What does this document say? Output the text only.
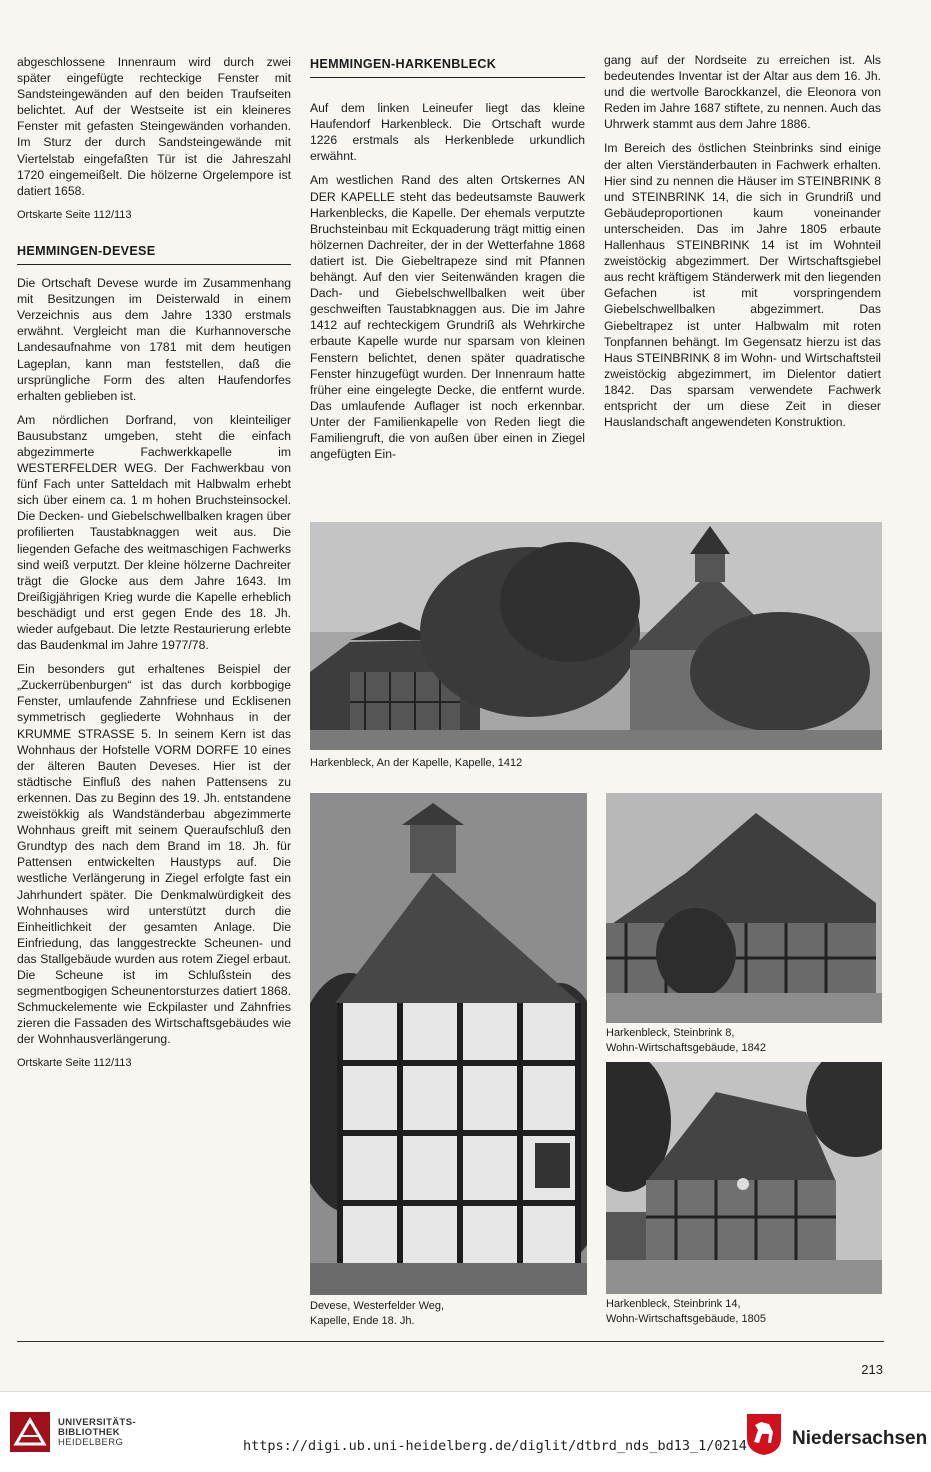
abgeschlossene Innenraum wird durch zwei später eingefügte rechteckige Fenster mit Sandsteingewänden auf den beiden Traufseiten belichtet. Auf der Westseite ist ein kleineres Fenster mit gefasten Steingewänden vorhanden. Im Sturz der durch Sandsteingewände mit Viertelstab eingefaßten Tür ist die Jahreszahl 1720 eingemeißelt. Die hölzerne Orgelempore ist datiert 1658.

Ortskarte Seite 112/113

HEMMINGEN-DEVESE

Die Ortschaft Devese wurde im Zusammenhang mit Besitzungen im Deisterwald in einem Verzeichnis aus dem Jahre 1330 erstmals erwähnt. Vergleicht man die Kurhannoversche Landesaufnahme von 1781 mit dem heutigen Lageplan, kann man feststellen, daß die ursprüngliche Form des alten Haufendorfes erhalten geblieben ist.

Am nördlichen Dorfrand, von kleinteiliger Bausubstanz umgeben, steht die einfach abgezimmerte Fachwerkkapelle im WESTERFELDER WEG. Der Fachwerkbau von fünf Fach unter Satteldach mit Halbwalm erhebt sich über einem ca. 1 m hohen Bruchsteinsockel. Die Decken- und Giebelschwellbalken kragen über profilierten Taustabknaggen weit aus. Die liegenden Gefache des weitmaschigen Fachwerks sind weiß verputzt. Der kleine hölzerne Dachreiter trägt die Glocke aus dem Jahre 1643. Im Dreißigjährigen Krieg wurde die Kapelle erheblich beschädigt und erst gegen Ende des 18. Jh. wieder aufgebaut. Die letzte Restaurierung erlebte das Baudenkmal im Jahre 1977/78.

Ein besonders gut erhaltenes Beispiel der „Zuckerrübenburgen“ ist das durch korbbogige Fenster, umlaufende Zahnfriese und Ecklisenen symmetrisch gegliederte Wohnhaus in der KRUMME STRASSE 5. In seinem Kern ist das Wohnhaus der Hofstelle VORM DORFE 10 eines der älteren Bauten Deveses. Hier ist der städtische Einfluß des nahen Pattensens zu erkennen. Das zu Beginn des 19. Jh. entstandene zweistökkig als Wandständerbau abgezimmerte Wohnhaus greift mit seinem Queraufschluß den Grundtyp des nach dem Brand im 18. Jh. für Pattensen entwickelten Haustyps auf. Die westliche Verlängerung in Ziegel erfolgte fast ein Jahrhundert später. Die Denkmalwürdigkeit des Wohnhauses wird unterstützt durch die Einheitlichkeit der gesamten Anlage. Die Einfriedung, das langgestreckte Scheunen- und das Stallgebäude wurden aus rotem Ziegel erbaut. Die Scheune ist im Schlußstein des segmentbogigen Scheunentorsturzes datiert 1868. Schmuckelemente wie Eckpilaster und Zahnfries zieren die Fassaden des Wirtschaftsgebäudes wie der Wohnhausverlängerung.

Ortskarte Seite 112/113

HEMMINGEN-HARKENBLECK

Auf dem linken Leineufer liegt das kleine Haufendorf Harkenbleck. Die Ortschaft wurde 1226 erstmals als Herkenblede urkundlich erwähnt.

Am westlichen Rand des alten Ortskernes AN DER KAPELLE steht das bedeutsamste Bauwerk Harkenblecks, die Kapelle. Der ehemals verputzte Bruchsteinbau mit Eckquaderung trägt mittig einen hölzernen Dachreiter, der in der Wetterfahne 1868 datiert ist. Die Giebeltrapeze sind mit Pfannen behängt. Auf den vier Seitenwänden kragen die Dach- und Giebelschwellbalken weit über geschweiften Taustabknaggen aus. Die im Jahre 1412 auf rechteckigem Grundriß als Wehrkirche erbaute Kapelle wurde nur sparsam von kleinen Fenstern belichtet, denen später quadratische Fenster hinzugefügt wurden. Der Innenraum hatte früher eine eingelegte Decke, die entfernt wurde. Das umlaufende Auflager ist noch erkennbar. Unter der Familienkapelle von Reden liegt die Familiengruft, die von außen über einen in Ziegel angefügten Ein-

gang auf der Nordseite zu erreichen ist. Als bedeutendes Inventar ist der Altar aus dem 16. Jh. und die wertvolle Barockkanzel, die Eleonora von Reden im Jahre 1687 stiftete, zu nennen. Auch das Uhrwerk stammt aus dem Jahre 1886.

Im Bereich des östlichen Steinbrinks sind einige der alten Vierständerbauten in Fachwerk erhalten. Hier sind zu nennen die Häuser im STEINBRINK 8 und STEINBRINK 14, die sich in Grundriß und Gebäudeproportionen kaum voneinander unterscheiden. Das im Jahre 1805 erbaute Hallenhaus STEINBRINK 14 ist im Wohnteil zweistöckig abgezimmert. Der Wirtschaftsgiebel aus recht kräftigem Ständerwerk mit den liegenden Gefachen ist mit vorspringendem Giebelschwellbalken abgezimmert. Das Giebeltrapez ist unter Halbwalm mit roten Tonpfannen behängt. Im Gegensatz hierzu ist das Haus STEINBRINK 8 im Wohn- und Wirtschaftsteil zweistöckig abgezimmert, im Dielentor datiert 1842. Das sparsam verwendete Fachwerk entspricht der um diese Zeit in dieser Hauslandschaft angewendeten Konstruktion.

Harkenbleck, An der Kapelle, Kapelle, 1412
Devese, Westerfelder Weg,
Kapelle, Ende 18. Jh.
Harkenbleck, Steinbrink 8,
Wohn-Wirtschaftsgebäude, 1842
Harkenbleck, Steinbrink 14,
Wohn-Wirtschaftsgebäude, 1805
213
UNIVERSITÄTS-
BIBLIOTHEK
HEIDELBERG	https://digi.ub.uni-heidelberg.de/diglit/dtbrd_nds_bd13_1/0214 Niedersachsen
